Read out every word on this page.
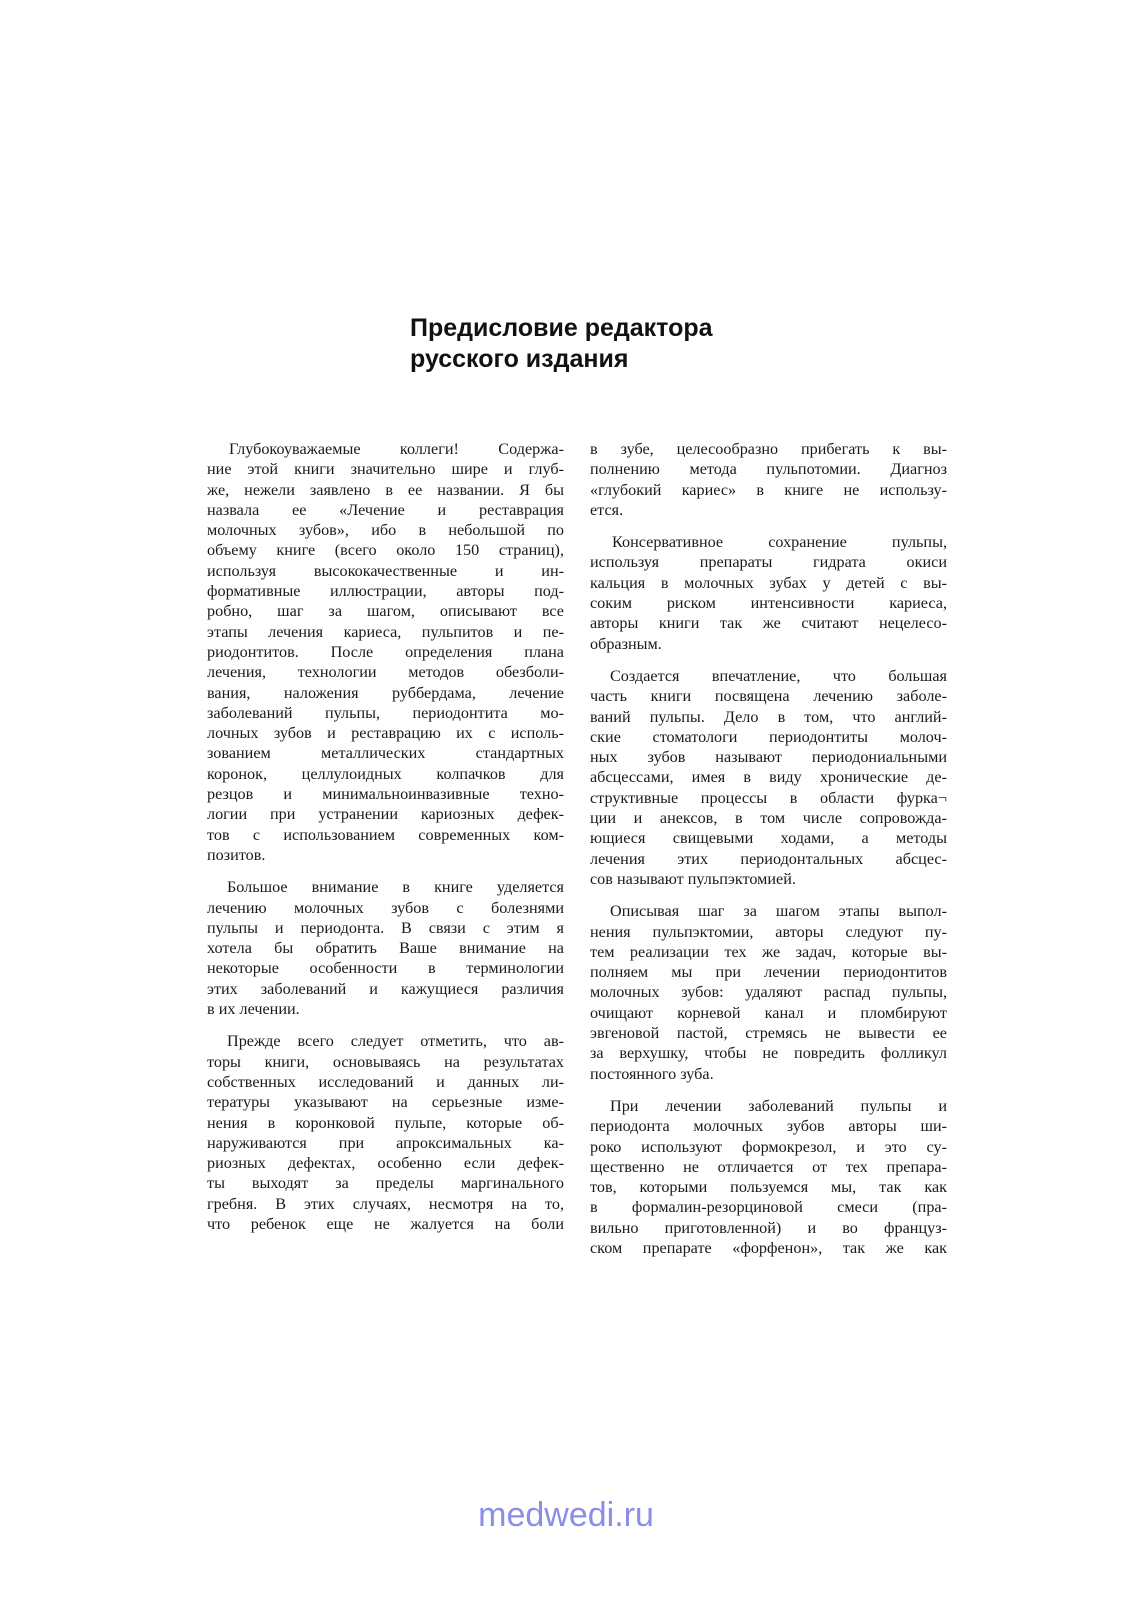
Предисловие редактора
русского издания

Глубокоуважаемые коллеги! Содержа-
ние этой книги значительно шире и глуб-
же, нежели заявлено в ее названии. Я бы
назвала ее «Лечение и реставрация
молочных зубов», ибо в небольшой по
объему книге (всего около 150 страниц),
используя высококачественные и ин-
формативные иллюстрации, авторы под-
робно, шаг за шагом, описывают все
этапы лечения кариеса, пульпитов и пе-
риодонтитов. После определения плана
лечения, технологии методов обезболи-
вания, наложения руббердама, лечение
заболеваний пульпы, периодонтита мо-
лочных зубов и реставрацию их с исполь-
зованием металлических стандартных
коронок, целлулоидных колпачков для
резцов и минимальноинвазивные техно-
логии при устранении кариозных дефек-
тов с использованием современных ком-
позитов.

Большое внимание в книге уделяется
лечению молочных зубов с болезнями
пульпы и периодонта. В связи с этим я
хотела бы обратить Ваше внимание на
некоторые особенности в терминологии
этих заболеваний и кажущиеся различия
в их лечении.

Прежде всего следует отметить, что ав-
торы книги, основываясь на результатах
собственных исследований и данных ли-
тературы указывают на серьезные изме-
нения в коронковой пульпе, которые об-
наруживаются при апроксимальных ка-
риозных дефектах, особенно если дефек-
ты выходят за пределы маргинального
гребня. В этих случаях, несмотря на то,
что ребенок еще не жалуется на боли

в зубе, целесообразно прибегать к вы-
полнению метода пульпотомии. Диагноз
«глубокий кариес» в книге не использу-
ется.

Консервативное сохранение пульпы,
используя препараты гидрата окиси
кальция в молочных зубах у детей с вы-
соким риском интенсивности кариеса,
авторы книги так же считают нецелесо-
образным.

Создается впечатление, что большая
часть книги посвящена лечению заболе-
ваний пульпы. Дело в том, что англий-
ские стоматологи периодонтиты молоч-
ных зубов называют периодониальными
абсцессами, имея в виду хронические де-
структивные процессы в области фурка¬
ции и анексов, в том числе сопровожда-
ющиеся свищевыми ходами, а методы
лечения этих периодонтальных абсцес-
сов называют пульпэктомией.

Описывая шаг за шагом этапы выпол-
нения пульпэктомии, авторы следуют пу-
тем реализации тех же задач, которые вы-
полняем мы при лечении периодонтитов
молочных зубов: удаляют распад пульпы,
очищают корневой канал и пломбируют
эвгеновой пастой, стремясь не вывести ее
за верхушку, чтобы не повредить фолликул
постоянного зуба.

При лечении заболеваний пульпы и
периодонта молочных зубов авторы ши-
роко используют формокрезол, и это су-
щественно не отличается от тех препара-
тов, которыми пользуемся мы, так как
в формалин-резорциновой смеси (пра-
вильно приготовленной) и во француз-
ском препарате «форфенон», так же как

medwedi.ru
